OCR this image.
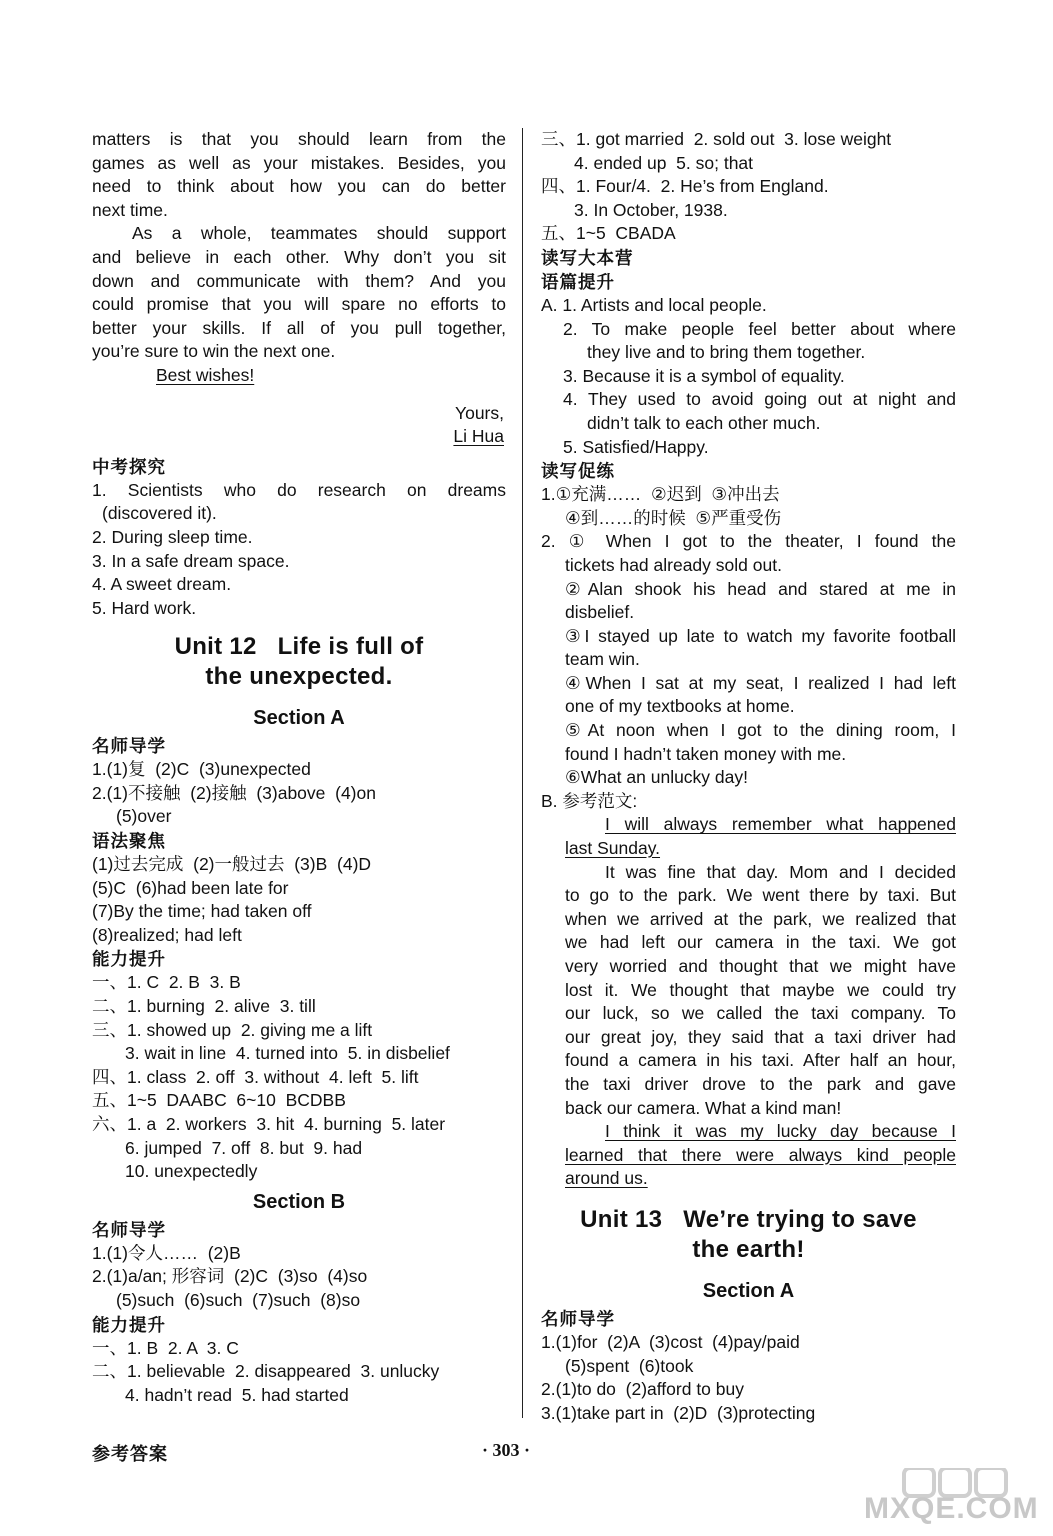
matters is that you should learn from the
games as well as your mistakes. Besides, you
need to think about how you can do better
next time.
As a whole, teammates should support
and believe in each other. Why don’t you sit
down and communicate with them? And you
could promise that you will spare no efforts to
better your skills. If all of you pull together,
you’re sure to win the next one.
Best wishes!
Yours,
Li Hua
中考探究
1. Scientists who do research on dreams
(discovered it).
2. During sleep time.
3. In a safe dream space.
4. A sweet dream.
5. Hard work.
Unit 12   Life is full of
the unexpected.
Section A
名师导学
1.(1)复  (2)C  (3)unexpected
2.(1)不接触  (2)接触  (3)above  (4)on
(5)over
语法聚焦
(1)过去完成  (2)一般过去  (3)B  (4)D
(5)C  (6)had been late for
(7)By the time; had taken off
(8)realized; had left
能力提升
一、1. C  2. B  3. B
二、1. burning  2. alive  3. till
三、1. showed up  2. giving me a lift
3. wait in line  4. turned into  5. in disbelief
四、1. class  2. off  3. without  4. left  5. lift
五、1~5  DAABC  6~10  BCDBB
六、1. a  2. workers  3. hit  4. burning  5. later
6. jumped  7. off  8. but  9. had
10. unexpectedly
Section B
名师导学
1.(1)令人……  (2)B
2.(1)a/an; 形容词  (2)C  (3)so  (4)so
(5)such  (6)such  (7)such  (8)so
能力提升
一、1. B  2. A  3. C
二、1. believable  2. disappeared  3. unlucky
4. hadn’t read  5. had started
三、1. got married  2. sold out  3. lose weight
4. ended up  5. so; that
四、1. Four/4.  2. He’s from England.
3. In October, 1938.
五、1~5  CBADA
读写大本营
语篇提升
A. 1. Artists and local people.
2. To make people feel better about where
they live and to bring them together.
3. Because it is a symbol of equality.
4. They used to avoid going out at night and
didn’t talk to each other much.
5. Satisfied/Happy.
读写促练
1.①充满……  ②迟到  ③冲出去
④到……的时候  ⑤严重受伤
2. ① When I got to the theater, I found the
tickets had already sold out.
②Alan shook his head and stared at me in
disbelief.
③I stayed up late to watch my favorite football
team win.
④When I sat at my seat, I realized I had left
one of my textbooks at home.
⑤At noon when I got to the dining room, I
found I hadn’t taken money with me.
⑥What an unlucky day!
B. 参考范文:
I will always remember what happened
last Sunday.
It was fine that day. Mom and I decided
to go to the park. We went there by taxi. But
when we arrived at the park, we realized that
we had left our camera in the taxi. We got
very worried and thought that we might have
lost it. We thought that maybe we could try
our luck, so we called the taxi company. To
our great joy, they said that a taxi driver had
found a camera in his taxi. After half an hour,
the taxi driver drove to the park and gave
back our camera. What a kind man!
I think it was my lucky day because I
learned that there were always kind people
around us.
Unit 13   We’re trying to save
the earth!
Section A
名师导学
1.(1)for  (2)A  (3)cost  (4)pay/paid
(5)spent  (6)took
2.(1)to do  (2)afford to buy
3.(1)take part in  (2)D  (3)protecting
参考答案	· 303 ·
MXQE.COM
